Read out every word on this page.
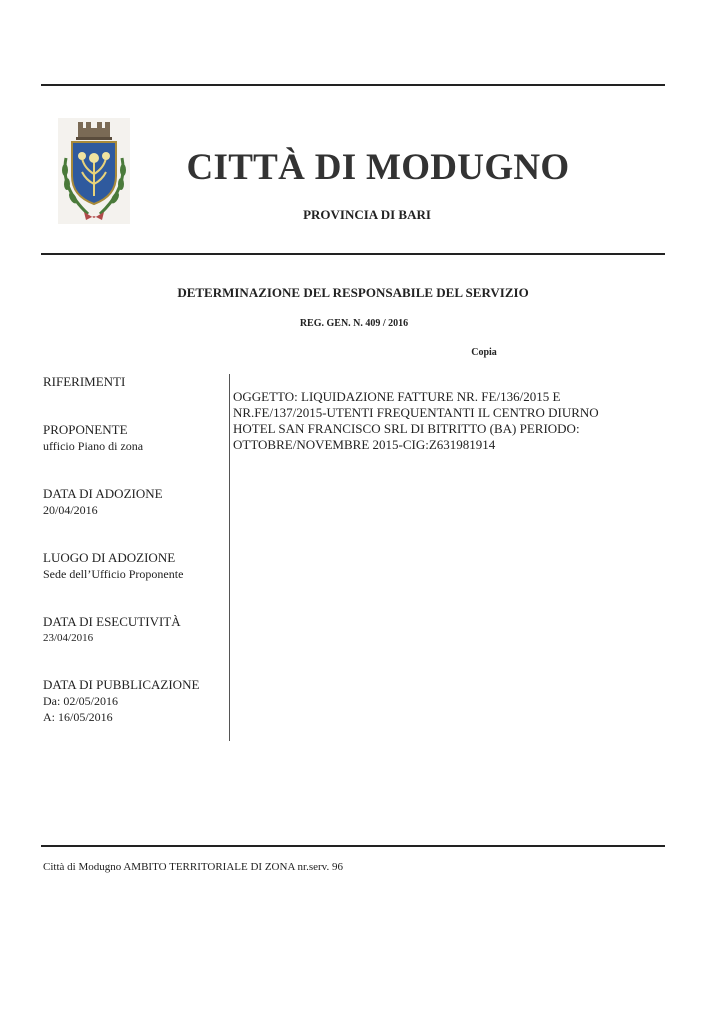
CITTÀ DI MODUGNO
PROVINCIA DI BARI
DETERMINAZIONE DEL RESPONSABILE DEL SERVIZIO
REG. GEN. N. 409 / 2016
Copia
RIFERIMENTI
PROPONENTE
ufficio Piano di zona
DATA DI ADOZIONE
20/04/2016
LUOGO DI ADOZIONE
Sede dell’Ufficio Proponente
DATA DI ESECUTIVITÀ
23/04/2016
DATA DI PUBBLICAZIONE
Da: 02/05/2016
A: 16/05/2016
OGGETTO: LIQUIDAZIONE FATTURE NR. FE/136/2015 E
NR.FE/137/2015-UTENTI FREQUENTANTI IL CENTRO DIURNO
HOTEL SAN FRANCISCO SRL DI BITRITTO (BA) PERIODO:
OTTOBRE/NOVEMBRE 2015-CIG:Z631981914
Città di Modugno AMBITO TERRITORIALE DI ZONA nr.serv. 96
